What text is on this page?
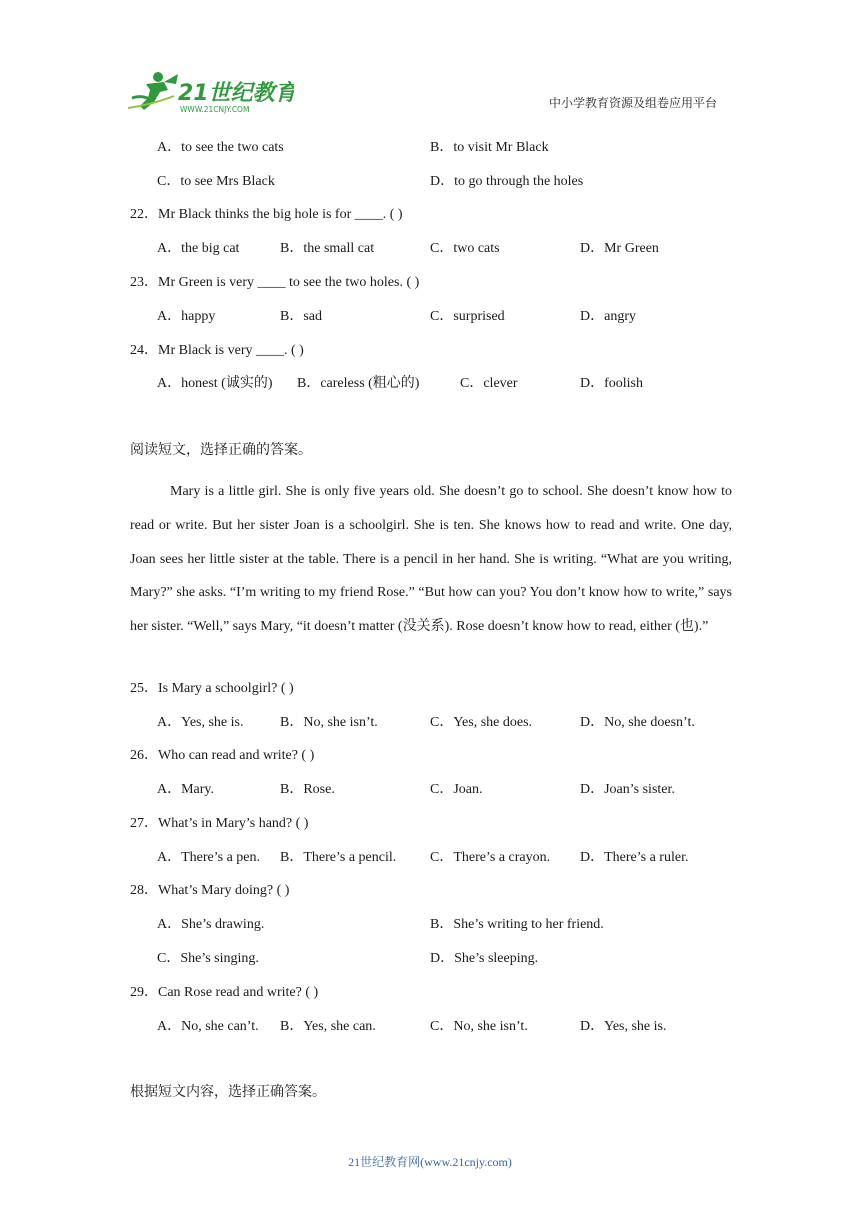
21世纪教育
WWW.21CNJY.COM	中小学教育资源及组卷应用平台
A．to see the two cats	B．to visit Mr Black
C．to see Mrs Black	D．to go through the holes
22．Mr Black thinks the big hole is for ____. ( )
A．the big cat	B．the small cat	C．two cats	D．Mr Green
23．Mr Green is very ____ to see the two holes. ( )
A．happy	B．sad	C．surprised	D．angry
24．Mr Black is very ____. ( )
A．honest (诚实的) B．careless (粗心的)	C．clever	D．foolish
阅读短文，选择正确的答案。

Mary is a little girl. She is only five years old. She doesn’t go to school. She doesn’t know how to read or write. But her sister Joan is a schoolgirl. She is ten. She knows how to read and write. One day, Joan sees her little sister at the table. There is a pencil in her hand. She is writing. “What are you writing, Mary?” she asks. “I’m writing to my friend Rose.” “But how can you? You don’t know how to write,” says her sister. “Well,” says Mary, “it doesn’t matter (没关系). Rose doesn’t know how to read, either (也).”

25．Is Mary a schoolgirl? ( )
A．Yes, she is.	B．No, she isn’t.	C．Yes, she does.	D．No, she doesn’t.
26．Who can read and write? ( )
A．Mary.	B．Rose.	C．Joan.	D．Joan’s sister.
27．What’s in Mary’s hand? ( )
A．There’s a pen. B．There’s a pencil. C．There’s a crayon. D．There’s a ruler.
28．What’s Mary doing? ( )
A．She’s drawing.	B．She’s writing to her friend.
C．She’s singing.	D．She’s sleeping.
29．Can Rose read and write? ( )
A．No, she can’t. B．Yes, she can.	C．No, she isn’t.	D．Yes, she is.
根据短文内容，选择正确答案。
21世纪教育网(www.21cnjy.com)
